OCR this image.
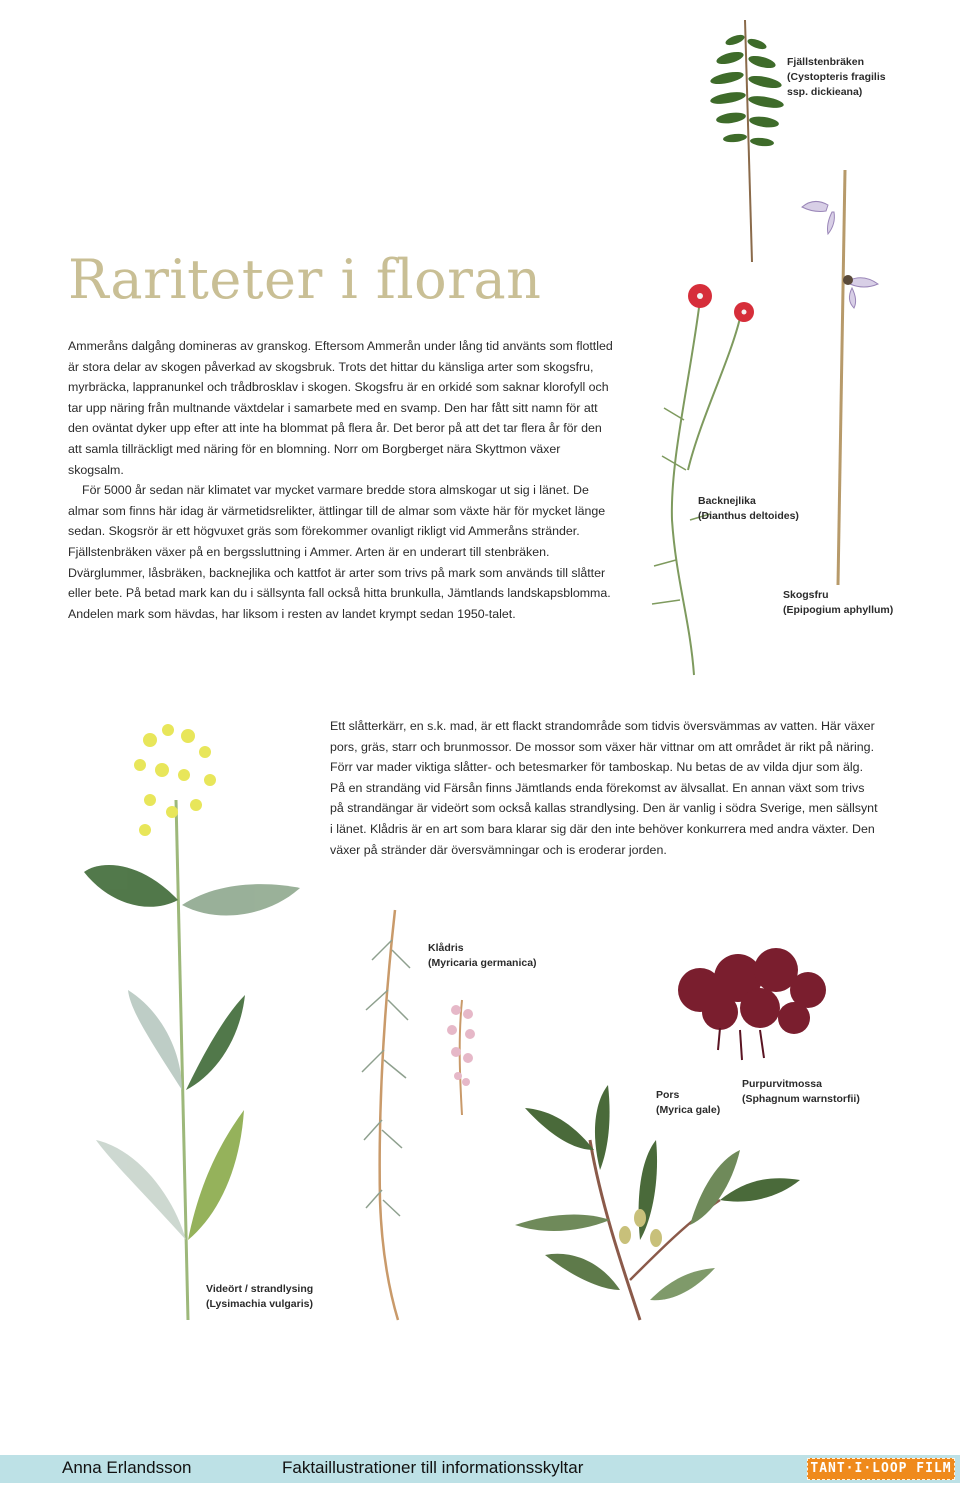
Rariteter i floran

Ammeråns dalgång domineras av granskog. Eftersom Ammerån under lång tid använts som flottled är stora delar av skogen påverkad av skogsbruk. Trots det hittar du känsliga arter som skogsfru, myrbräcka, lappranunkel och trådbrosklav i skogen. Skogsfru är en orkidé som saknar klorofyll och tar upp näring från multnande växtdelar i samarbete med en svamp. Den har fått sitt namn för att den oväntat dyker upp efter att inte ha blommat på flera år. Det beror på att det tar flera år för den att samla tillräckligt med näring för en blomning. Norr om Borgberget nära Skyttmon växer skogsalm.

För 5000 år sedan när klimatet var mycket varmare bredde stora almskogar ut sig i länet. De almar som finns här idag är värmetidsrelikter, ättlingar till de almar som växte här för mycket länge sedan. Skogsrör är ett högvuxet gräs som förekommer ovanligt rikligt vid Ammeråns stränder. Fjällstenbräken växer på en bergssluttning i Ammer. Arten är en underart till stenbräken. Dvärglummer, låsbräken, backnejlika och kattfot är arter som trivs på mark som används till slåtter eller bete. På betad mark kan du i sällsynta fall också hitta brunkulla, Jämtlands landskapsblomma. Andelen mark som hävdas, har liksom i resten av landet krympt sedan 1950-talet.

Ett slåtterkärr, en s.k. mad, är ett flackt strandområde som tidvis översvämmas av vatten. Här växer pors, gräs, starr och brunmossor. De mossor som växer här vittnar om att området är rikt på näring. Förr var mader viktiga slåtter- och betesmarker för tamboskap. Nu betas de av vilda djur som älg. På en strandäng vid Färsån finns Jämtlands enda förekomst av älvsallat. En annan växt som trivs på strandängar är videört som också kallas strandlysing. Den är vanlig i södra Sverige, men sällsynt i länet. Klådris är en art som bara klarar sig där den inte behöver konkurrera med andra växter. Den växer på stränder där översvämningar och is eroderar jorden.

Fjällstenbräken
(Cystopteris fragilis
ssp. dickieana)
Backnejlika
(Dianthus deltoides)
Skogsfru
(Epipogium aphyllum)
Klådris
(Myricaria germanica)
Purpurvitmossa
(Sphagnum warnstorfii)
Pors
(Myrica gale)
Videört / strandlysing
(Lysimachia vulgaris)
Anna Erlandsson	Faktaillustrationer till informationsskyltar	TANT·I·LOOP FILM
